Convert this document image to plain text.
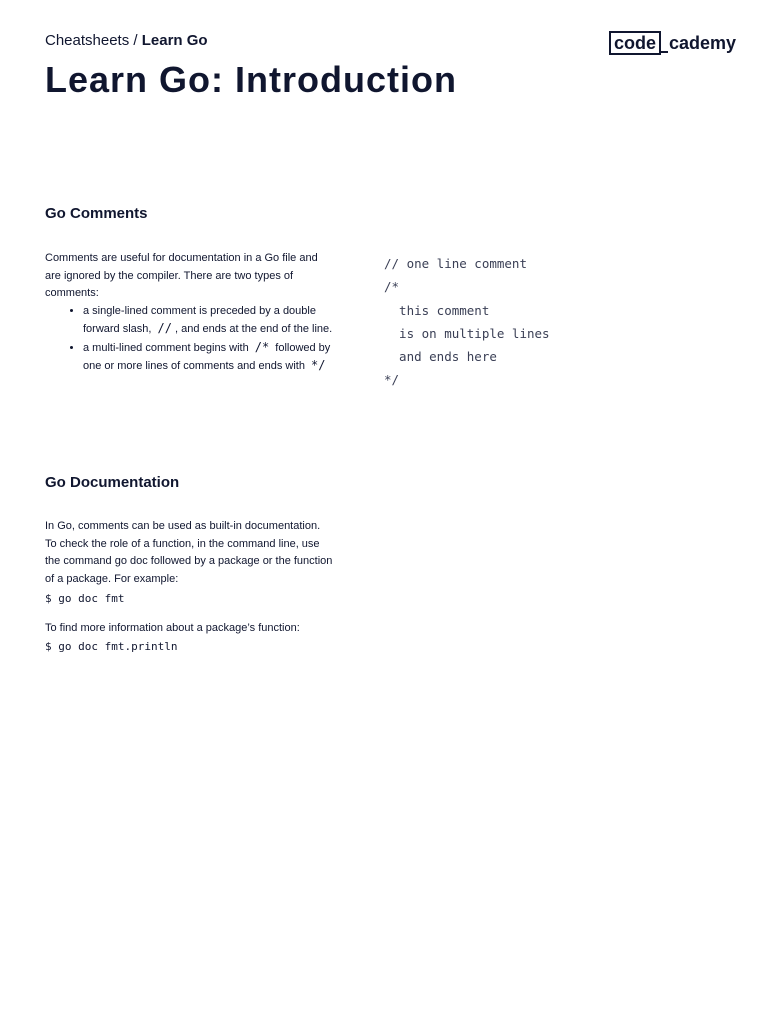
Cheatsheets / Learn Go	code cademy
Learn Go: Introduction
Go Comments

Comments are useful for documentation in a Go file and are ignored by the compiler. There are two types of comments:

• a single-lined comment is preceded by a double forward slash, // , and ends at the end of the line.
• a multi-lined comment begins with /* followed by one or more lines of comments and ends with */
// one line comment
/*
this comment
is on multiple lines
and ends here
*/
Go Documentation

In Go, comments can be used as built-in documentation. To check the role of a function, in the command line, use the command go doc followed by a package or the function of a package. For example:

$ go doc fmt

To find more information about a package’s function:

$ go doc fmt.println
